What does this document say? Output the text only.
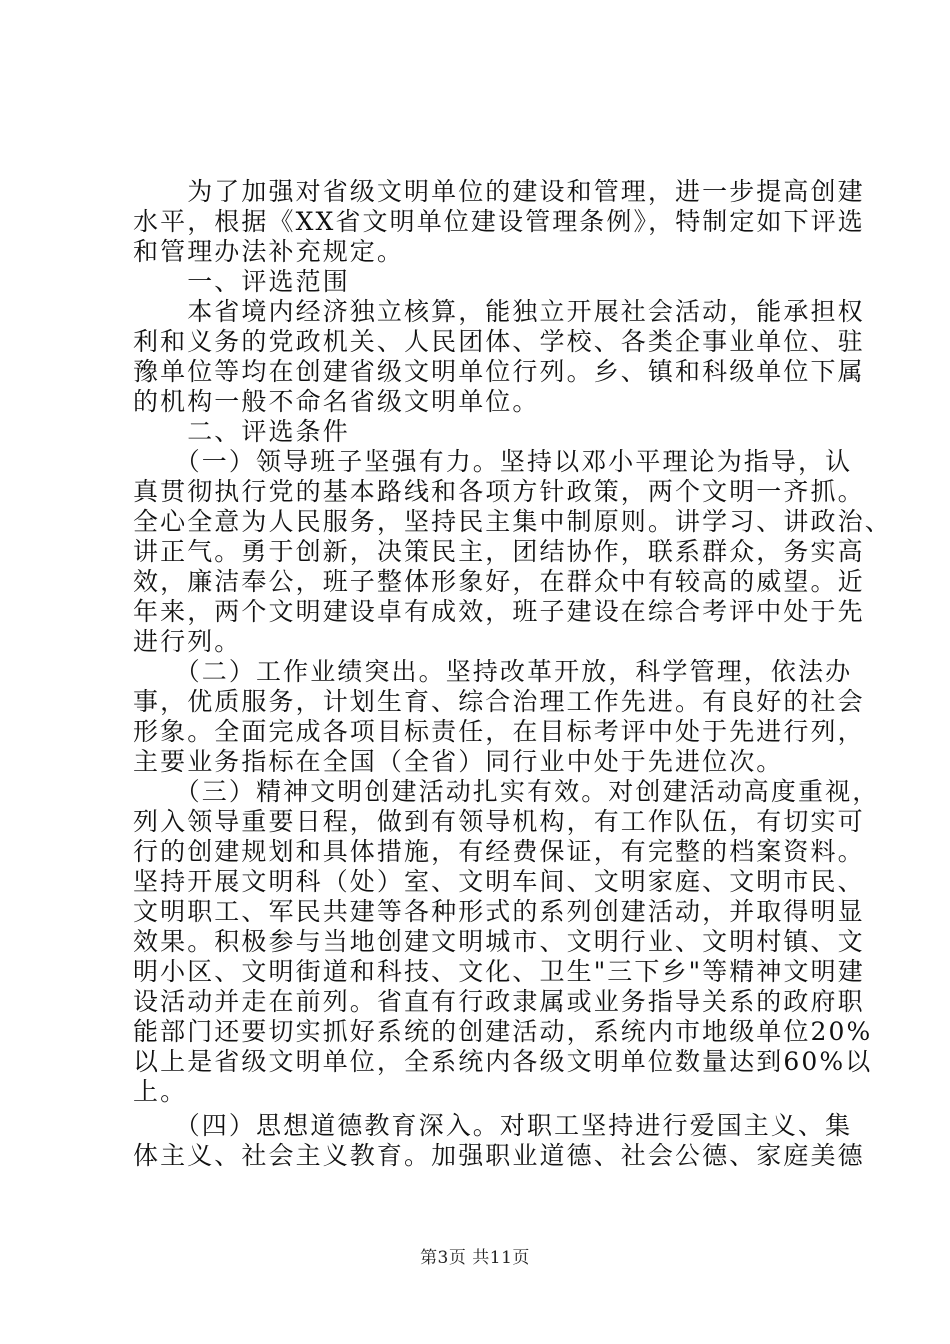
　　为了加强对省级文明单位的建设和管理，进一步提高创建
水平，根据《XX省文明单位建设管理条例》，特制定如下评选
和管理办法补充规定。
　　一、评选范围
　　本省境内经济独立核算，能独立开展社会活动，能承担权
利和义务的党政机关、人民团体、学校、各类企事业单位、驻
豫单位等均在创建省级文明单位行列。乡、镇和科级单位下属
的机构一般不命名省级文明单位。
　　二、评选条件
　　（一）领导班子坚强有力。坚持以邓小平理论为指导，认
真贯彻执行党的基本路线和各项方针政策，两个文明一齐抓。
全心全意为人民服务，坚持民主集中制原则。讲学习、讲政治、
讲正气。勇于创新，决策民主，团结协作，联系群众，务实高
效，廉洁奉公，班子整体形象好，在群众中有较高的威望。近
年来，两个文明建设卓有成效，班子建设在综合考评中处于先
进行列。
　　（二）工作业绩突出。坚持改革开放，科学管理，依法办
事，优质服务，计划生育、综合治理工作先进。有良好的社会
形象。全面完成各项目标责任，在目标考评中处于先进行列，
主要业务指标在全国（全省）同行业中处于先进位次。
　　（三）精神文明创建活动扎实有效。对创建活动高度重视，
列入领导重要日程，做到有领导机构，有工作队伍，有切实可
行的创建规划和具体措施，有经费保证，有完整的档案资料。
坚持开展文明科（处）室、文明车间、文明家庭、文明市民、
文明职工、军民共建等各种形式的系列创建活动，并取得明显
效果。积极参与当地创建文明城市、文明行业、文明村镇、文
明小区、文明街道和科技、文化、卫生"三下乡"等精神文明建
设活动并走在前列。省直有行政隶属或业务指导关系的政府职
能部门还要切实抓好系统的创建活动，系统内市地级单位20%
以上是省级文明单位，全系统内各级文明单位数量达到60%以
上。
　　（四）思想道德教育深入。对职工坚持进行爱国主义、集
体主义、社会主义教育。加强职业道德、社会公德、家庭美德
第3页 共11页
